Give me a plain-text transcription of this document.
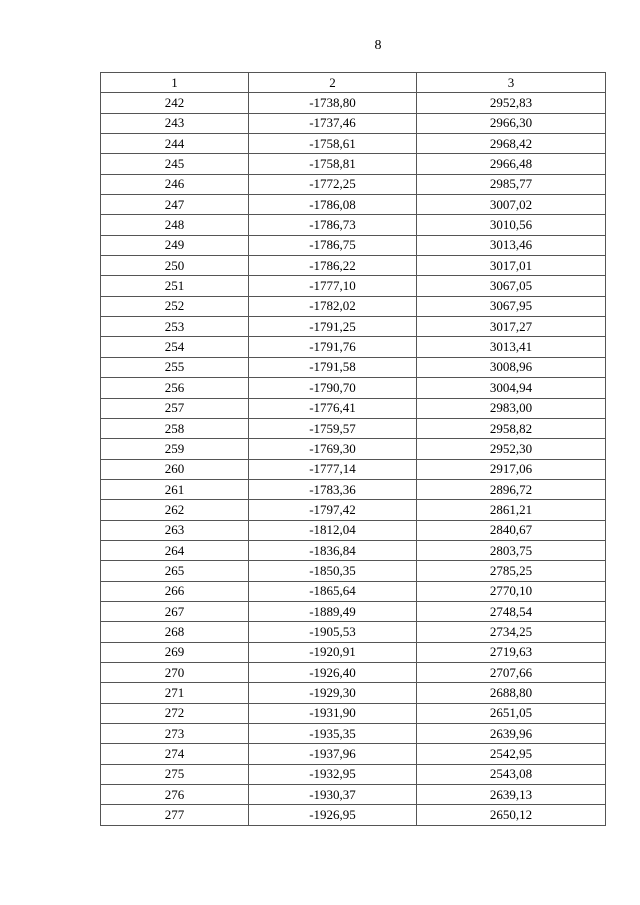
8
1	2	3
242	-1738,80	2952,83
243	-1737,46	2966,30
244	-1758,61	2968,42
245	-1758,81	2966,48
246	-1772,25	2985,77
247	-1786,08	3007,02
248	-1786,73	3010,56
249	-1786,75	3013,46
250	-1786,22	3017,01
251	-1777,10	3067,05
252	-1782,02	3067,95
253	-1791,25	3017,27
254	-1791,76	3013,41
255	-1791,58	3008,96
256	-1790,70	3004,94
257	-1776,41	2983,00
258	-1759,57	2958,82
259	-1769,30	2952,30
260	-1777,14	2917,06
261	-1783,36	2896,72
262	-1797,42	2861,21
263	-1812,04	2840,67
264	-1836,84	2803,75
265	-1850,35	2785,25
266	-1865,64	2770,10
267	-1889,49	2748,54
268	-1905,53	2734,25
269	-1920,91	2719,63
270	-1926,40	2707,66
271	-1929,30	2688,80
272	-1931,90	2651,05
273	-1935,35	2639,96
274	-1937,96	2542,95
275	-1932,95	2543,08
276	-1930,37	2639,13
277	-1926,95	2650,12
